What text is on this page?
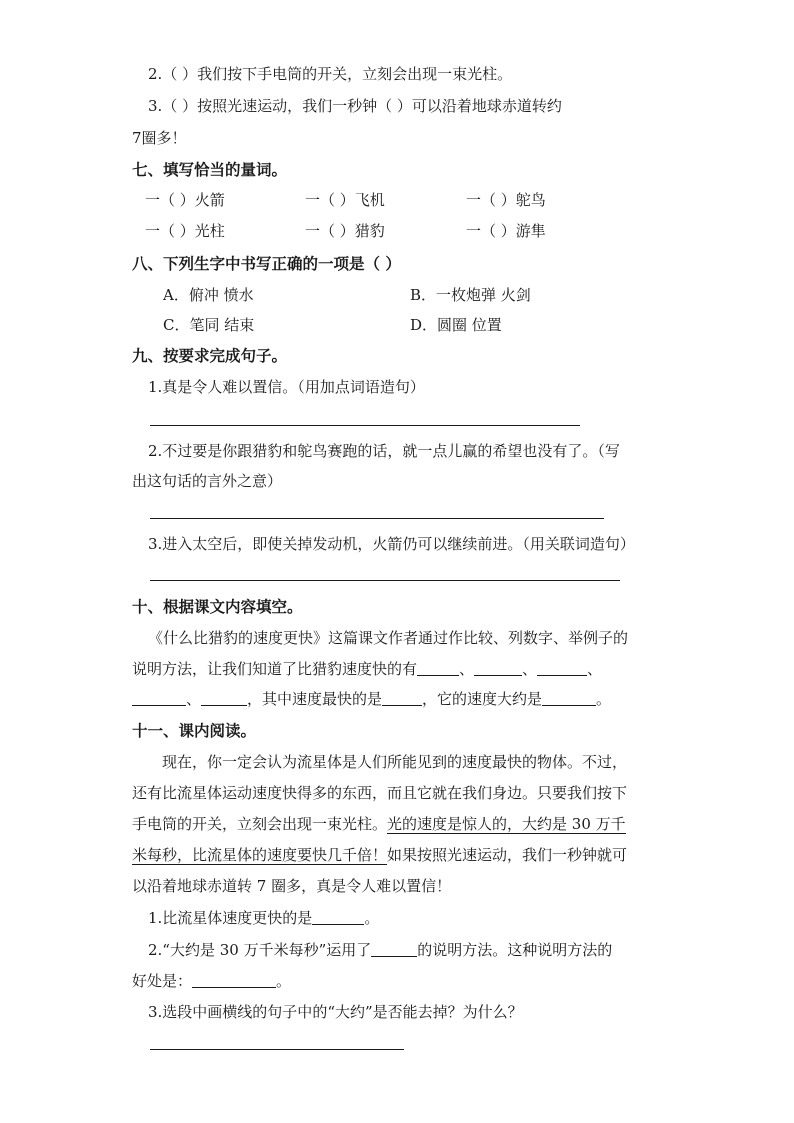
2.（ ）我们按下手电筒的开关，立刻会出现一束光柱。
3.（ ）按照光速运动，我们一秒钟（ ）可以沿着地球赤道转约
7圈多！
七、填写恰当的量词。
一（ ）火箭	一（ ）飞机	一（ ）鸵鸟
一（ ）光柱	一（ ）猎豹	一（ ）游隼
八、下列生字中书写正确的一项是（ ）
A．俯冲 愤水	B．一枚炮弹 火剑
C．笔同 结束	D．圆圈 位置
九、按要求完成句子。
1.真是令人难以置信。（用加点词语造句）
2.不过要是你跟猎豹和鸵鸟赛跑的话，就一点儿赢的希望也没有了。（写
出这句话的言外之意）
3.进入太空后，即使关掉发动机，火箭仍可以继续前进。（用关联词造句）
十、根据课文内容填空。
《什么比猎豹的速度更快》这篇课文作者通过作比较、列数字、举例子的
说明方法，让我们知道了比猎豹速度快的有	、	、	、
、	，其中速度最快的是	，它的速度大约是	。
十一、课内阅读。
现在，你一定会认为流星体是人们所能见到的速度最快的物体。不过，
还有比流星体运动速度快得多的东西，而且它就在我们身边。只要我们按下
手电筒的开关，立刻会出现一束光柱。光的速度是惊人的，大约是 30 万千
米每秒，比流星体的速度要快几千倍！如果按照光速运动，我们一秒钟就可
以沿着地球赤道转 7 圈多，真是令人难以置信！
1.比流星体速度更快的是	。
2.“大约是 30 万千米每秒”运用了	的说明方法。这种说明方法的
好处是：	。
3.选段中画横线的句子中的“大约”是否能去掉？为什么？
